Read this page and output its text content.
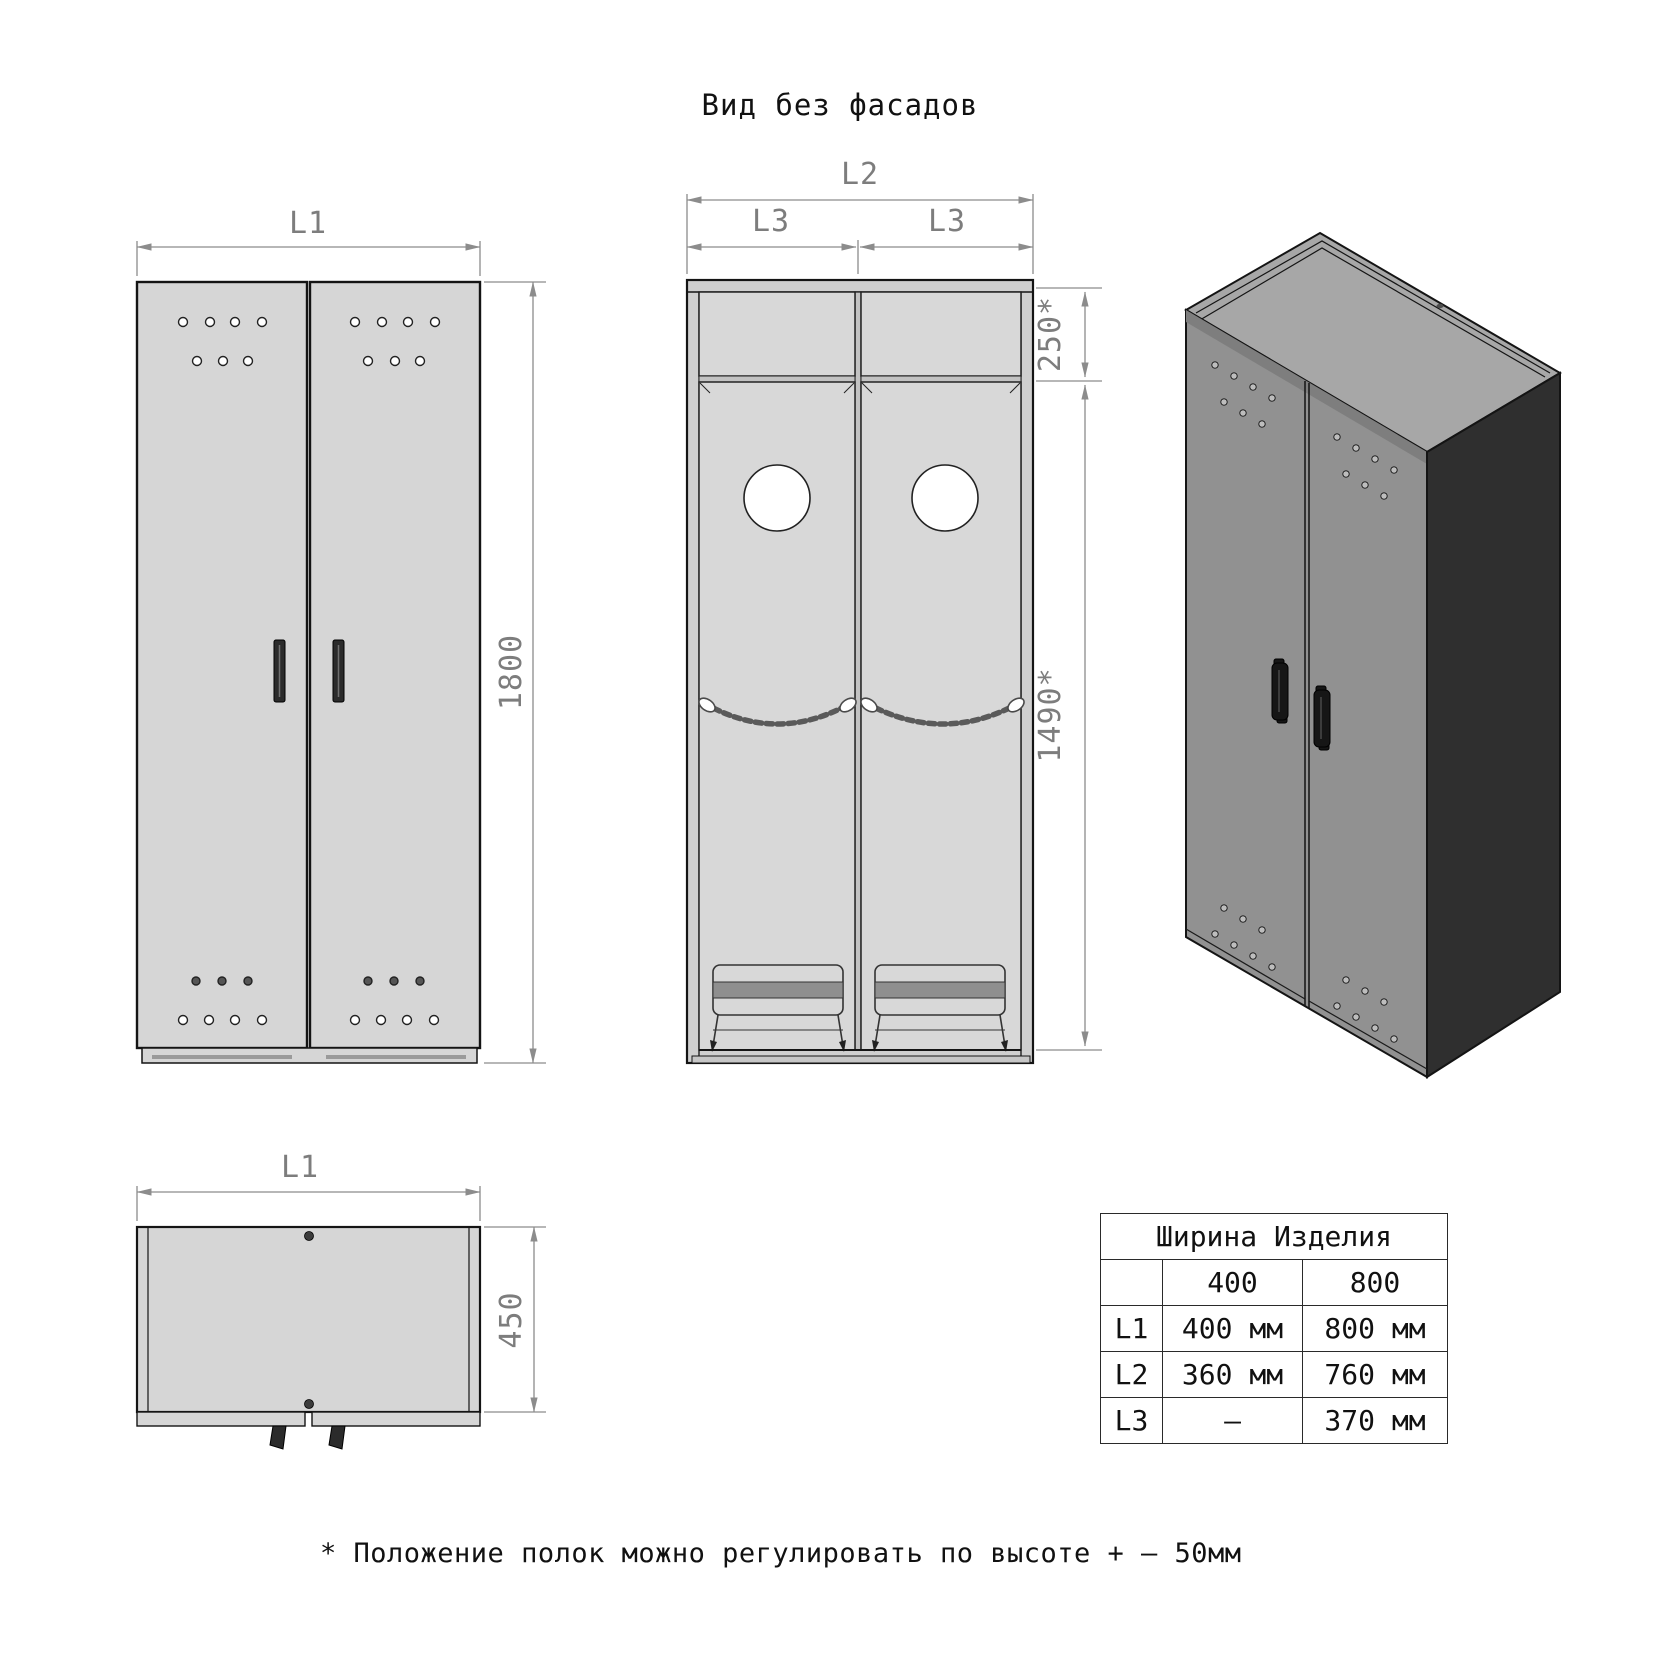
Вид без фасадов
L1
1800
L2
L3	L3
250*
1490*
L1
450
Ширина Изделия		
	400	800
L1	400 мм	800 мм
L2	360 мм	760 мм
L3	–	370 мм
* Положение полок можно регулировать по высоте + – 50мм
